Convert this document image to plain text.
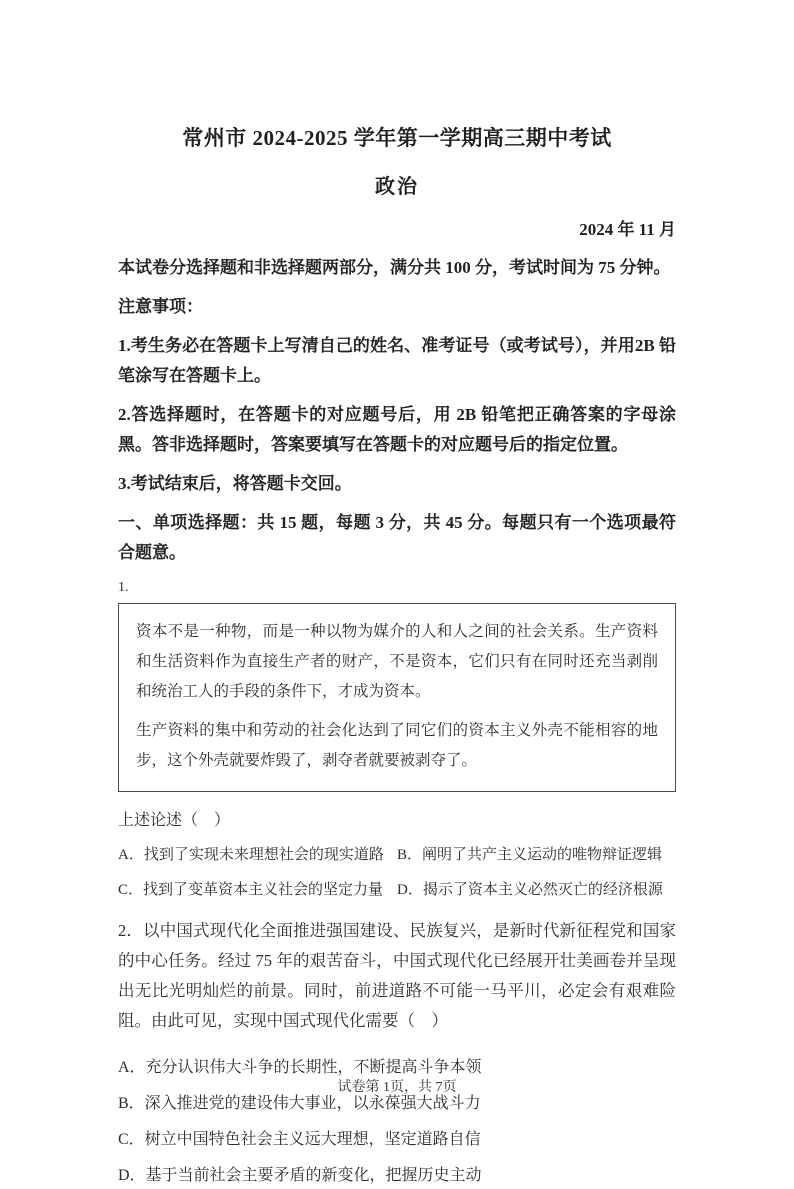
常州市 2024-2025 学年第一学期高三期中考试
政治
2024 年 11 月

本试卷分选择题和非选择题两部分，满分共 100 分，考试时间为 75 分钟。

注意事项：

1.考生务必在答题卡上写清自己的姓名、准考证号（或考试号），并用2B 铅笔涂写在答题卡上。

2.答选择题时，在答题卡的对应题号后，用 2B 铅笔把正确答案的字母涂黑。答非选择题时，答案要填写在答题卡的对应题号后的指定位置。

3.考试结束后，将答题卡交回。

一、单项选择题：共 15 题，每题 3 分，共 45 分。每题只有一个选项最符合题意。

1.

资本不是一种物，而是一种以物为媒介的人和人之间的社会关系。生产资料和生活资料作为直接生产者的财产，不是资本，它们只有在同时还充当剥削和统治工人的手段的条件下，才成为资本。

生产资料的集中和劳动的社会化达到了同它们的资本主义外壳不能相容的地步，这个外壳就要炸毁了，剥夺者就要被剥夺了。

上述论述（　）

A．找到了实现未来理想社会的现实道路 B．阐明了共产主义运动的唯物辩证逻辑
C．找到了变革资本主义社会的坚定力量 D．揭示了资本主义必然灭亡的经济根源

2．以中国式现代化全面推进强国建设、民族复兴，是新时代新征程党和国家的中心任务。经过 75 年的艰苦奋斗，中国式现代化已经展开壮美画卷并呈现出无比光明灿烂的前景。同时，前进道路不可能一马平川，必定会有艰难险阻。由此可见，实现中国式现代化需要（　）

A．充分认识伟大斗争的长期性，不断提高斗争本领

B．深入推进党的建设伟大事业，以永葆强大战斗力

C．树立中国特色社会主义远大理想，坚定道路自信

D．基于当前社会主要矛盾的新变化，把握历史主动

试卷第 1页，共 7页
